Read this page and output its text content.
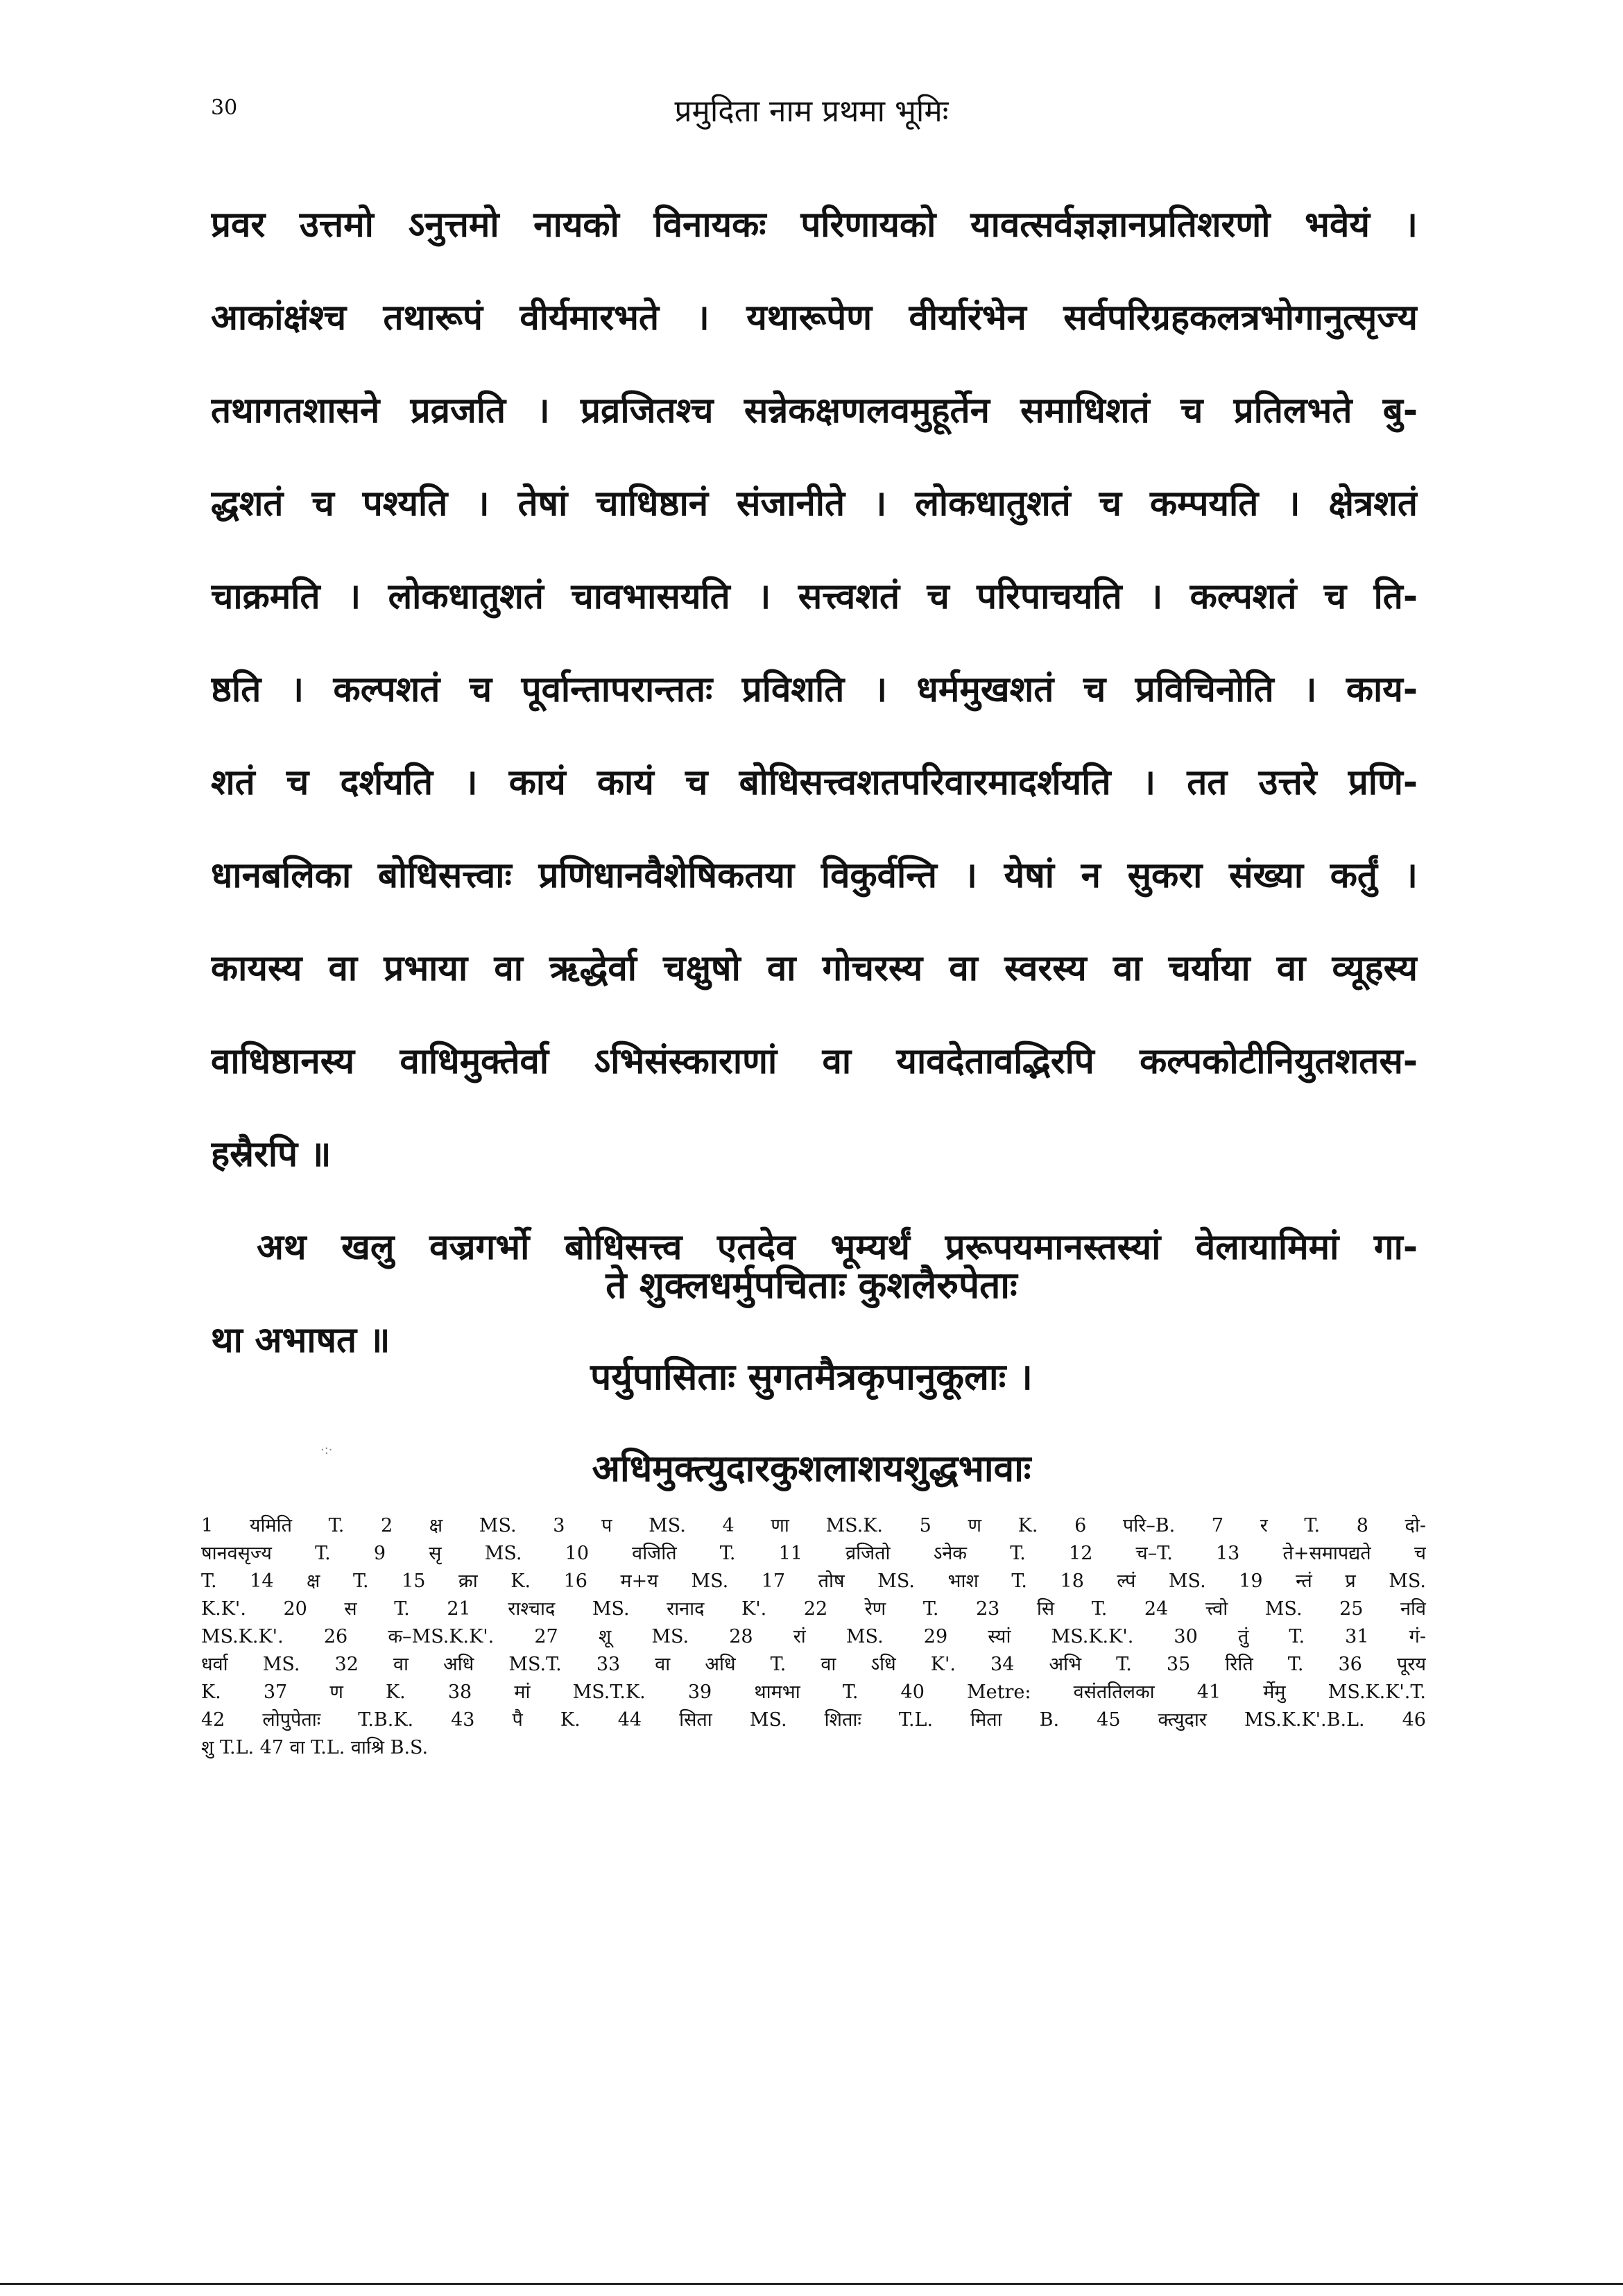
30	प्रमुदिता नाम प्रथमा भूमिः
प्रवर उत्तमो ऽनुत्तमो नायको विनायकः परिणायको यावत्सर्वज्ञज्ञानप्रतिशरणो भवेयं ।
आकांक्षंश्च तथारूपं वीर्यमारभते । यथारूपेण वीर्यारंभेन सर्वपरिग्रहकलत्रभोगानुत्सृज्य
तथागतशासने प्रव्रजति । प्रव्रजितश्च सन्नेकक्षणलवमुहूर्तेन समाधिशतं च प्रतिलभते बु-
द्धशतं च पश्यति । तेषां चाधिष्ठानं संजानीते । लोकधातुशतं च कम्पयति । क्षेत्रशतं
चाक्रमति । लोकधातुशतं चावभासयति । सत्त्वशतं च परिपाचयति । कल्पशतं च ति-
ष्ठति । कल्पशतं च पूर्वान्तापरान्ततः प्रविशति । धर्ममुखशतं च प्रविचिनोति । काय-
शतं च दर्शयति । कायं कायं च बोधिसत्त्वशतपरिवारमादर्शयति । तत उत्तरे प्रणि-
धानबलिका बोधिसत्त्वाः प्रणिधानवैशेषिकतया विकुर्वन्ति । येषां न सुकरा संख्या कर्तुं ।
कायस्य वा प्रभाया वा ऋद्धेर्वा चक्षुषो वा गोचरस्य वा स्वरस्य वा चर्याया वा व्यूहस्य
वाधिष्ठानस्य वाधिमुक्तेर्वा ऽभिसंस्काराणां वा यावदेतावद्भिरपि कल्पकोटीनियुतशतस-
हस्रैरपि ॥
अथ खलु वज्रगर्भो बोधिसत्त्व एतदेव भूम्यर्थं प्ररूपयमानस्तस्यां वेलायामिमां गा-
था अभाषत ॥
ते शुक्लधर्मुपचिताः कुशलैरुपेताः
पर्युपासिताः सुगतमैत्रकृपानुकूलाः ।
अधिमुक्त्युदारकुशलाशयशुद्धभावाः
·:·
1 यमिति T. 2 क्ष MS. 3 प MS. 4 णा MS.K. 5 ण K. 6 परि–B. 7 र T. 8 दो-
षानवसृज्य T. 9 सृ MS. 10 वजिति T. 11 व्रजितो ऽनेक T. 12 च–T. 13 ते+समापद्यते च
T. 14 क्ष T. 15 क्रा K. 16 म+य MS. 17 तोष MS. भाश T. 18 ल्पं MS. 19 न्तं प्र MS.
K.K'. 20 स T. 21 राश्चाद MS. रानाद K'. 22 रेण T. 23 सि T. 24 त्त्वो MS. 25 नवि
MS.K.K'. 26 क–MS.K.K'. 27 शू MS. 28 रां MS. 29 स्यां MS.K.K'. 30 तुं T. 31 गं-
धर्वा MS. 32 वा अधि MS.T. 33 वा अधि T. वा ऽधि K'. 34 अभि T. 35 रिति T. 36 पूरय
K. 37 ण K. 38 मां MS.T.K. 39 थामभा T. 40 Metre: वसंततिलका 41 र्मेमु MS.K.K'.T.
42 लोपुपेताः T.B.K. 43 पै K. 44 सिता MS. शिताः T.L. मिता B. 45 क्त्युदार MS.K.K'.B.L. 46
शु T.L. 47 वा T.L. वाश्रि B.S.
